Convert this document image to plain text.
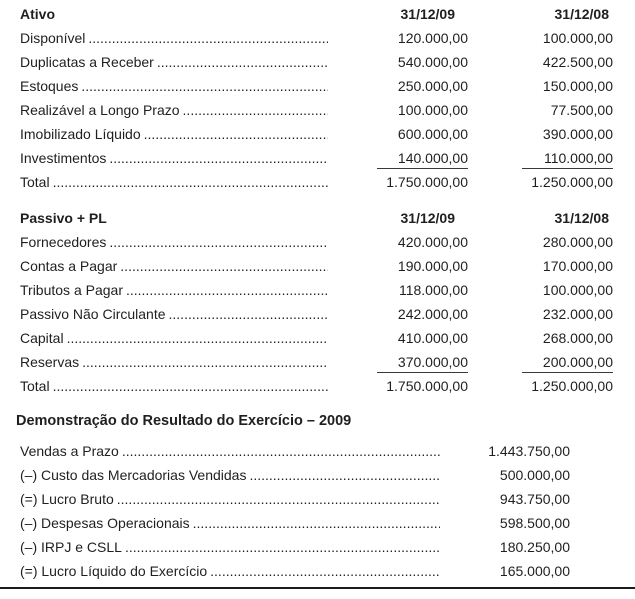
Ativo	31/12/09	31/12/08
Disponível .....	120.000,00	100.000,00
Duplicatas a Receber .....	540.000,00	422.500,00
Estoques .....	250.000,00	150.000,00
Realizável a Longo Prazo .....	100.000,00	77.500,00
Imobilizado Líquido .....	600.000,00	390.000,00
Investimentos .....	140.000,00	110.000,00
Total .....	1.750.000,00	1.250.000,00
Passivo + PL	31/12/09	31/12/08
Fornecedores .....	420.000,00	280.000,00
Contas a Pagar .....	190.000,00	170.000,00
Tributos a Pagar .....	118.000,00	100.000,00
Passivo Não Circulante .....	242.000,00	232.000,00
Capital .....	410.000,00	268.000,00
Reservas .....	370.000,00	200.000,00
Total .....	1.750.000,00	1.250.000,00
Demonstração do Resultado do Exercício – 2009
Vendas a Prazo .....	1.443.750,00
(–) Custo das Mercadorias Vendidas .....	500.000,00
(=) Lucro Bruto .....	943.750,00
(–) Despesas Operacionais .....	598.500,00
(–) IRPJ e CSLL .....	180.250,00
(=) Lucro Líquido do Exercício .....	165.000,00
